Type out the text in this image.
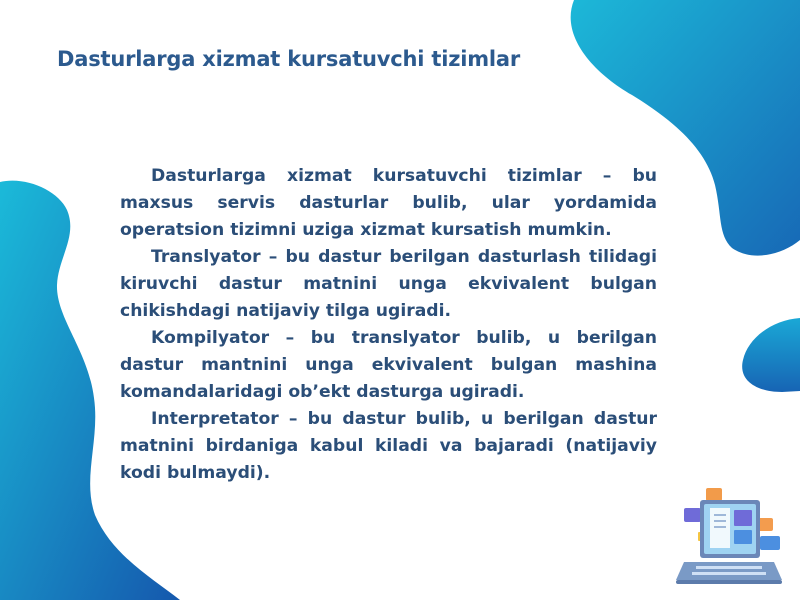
Dasturlarga xizmat kursatuvchi tizimlar

Dasturlarga xizmat kursatuvchi tizimlar – bu maxsus servis dasturlar bulib, ular yordamida operatsion tizimni uziga xizmat kursatish mumkin.

Translyator – bu dastur berilgan dasturlash tilidagi kiruvchi dastur matnini unga ekvivalent bulgan chikishdagi natijaviy tilga ugiradi.

Kompilyator – bu translyator bulib, u berilgan dastur mantnini unga ekvivalent bulgan mashina komandalaridagi ob’ekt dasturga ugiradi.

Interpretator – bu dastur bulib, u berilgan dastur matnini birdaniga kabul kiladi va bajaradi (natijaviy kodi bulmaydi).
